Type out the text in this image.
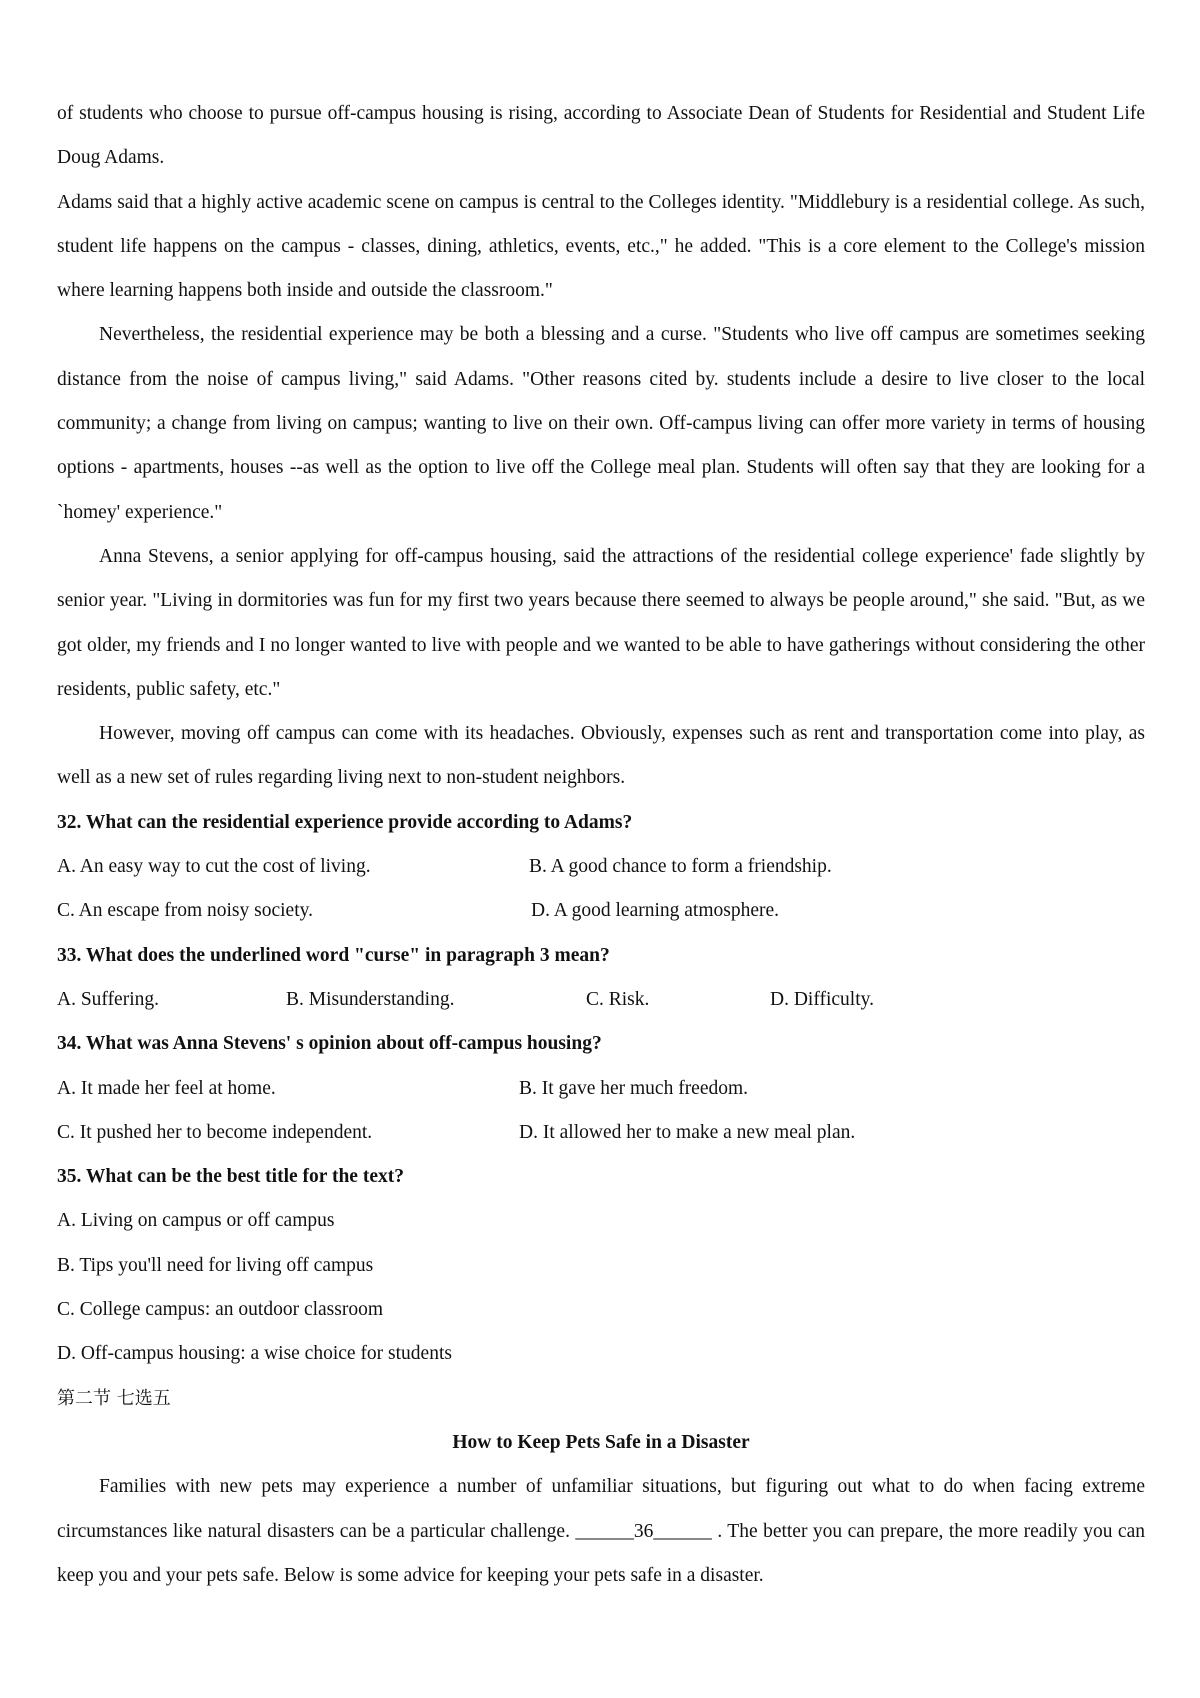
of students who choose to pursue off-campus housing is rising, according to Associate Dean of Students for Residential and Student Life Doug Adams.

Adams said that a highly active academic scene on campus is central to the Colleges identity. "Middlebury is a residential college. As such, student life happens on the campus - classes, dining, athletics, events, etc.," he added. "This is a core element to the College's mission where learning happens both inside and outside the classroom."

Nevertheless, the residential experience may be both a blessing and a curse. "Students who live off campus are sometimes seeking distance from the noise of campus living," said Adams. "Other reasons cited by. students include a desire to live closer to the local community; a change from living on campus; wanting to live on their own. Off-campus living can offer more variety in terms of housing options - apartments, houses --as well as the option to live off the College meal plan. Students will often say that they are looking for a `homey' experience."

Anna Stevens, a senior applying for off-campus housing, said the attractions of the residential college experience' fade slightly by senior year. "Living in dormitories was fun for my first two years because there seemed to always be people around," she said. "But, as we got older, my friends and I no longer wanted to live with people and we wanted to be able to have gatherings without considering the other residents, public safety, etc."

However, moving off campus can come with its headaches. Obviously, expenses such as rent and transportation come into play, as well as a new set of rules regarding living next to non-student neighbors.

32. What can the residential experience provide according to Adams?

A. An easy way to cut the cost of living.	B. A good chance to form a friendship.
C. An escape from noisy society.	D. A good learning atmosphere.

33. What does the underlined word "curse" in paragraph 3 mean?

A. Suffering.	B. Misunderstanding.	C. Risk.	D. Difficulty.

34. What was Anna Stevens' s opinion about off-campus housing?

A. It made her feel at home.	B. It gave her much freedom.
C. It pushed her to become independent.	D. It allowed her to make a new meal plan.

35. What can be the best title for the text?

A. Living on campus or off campus

B. Tips you'll need for living off campus

C. College campus: an outdoor classroom

D. Off-campus housing: a wise choice for students

第二节 七选五

How to Keep Pets Safe in a Disaster

Families with new pets may experience a number of unfamiliar situations, but figuring out what to do when facing extreme circumstances like natural disasters can be a particular challenge. ______36______ . The better you can prepare, the more readily you can keep you and your pets safe. Below is some advice for keeping your pets safe in a disaster.
